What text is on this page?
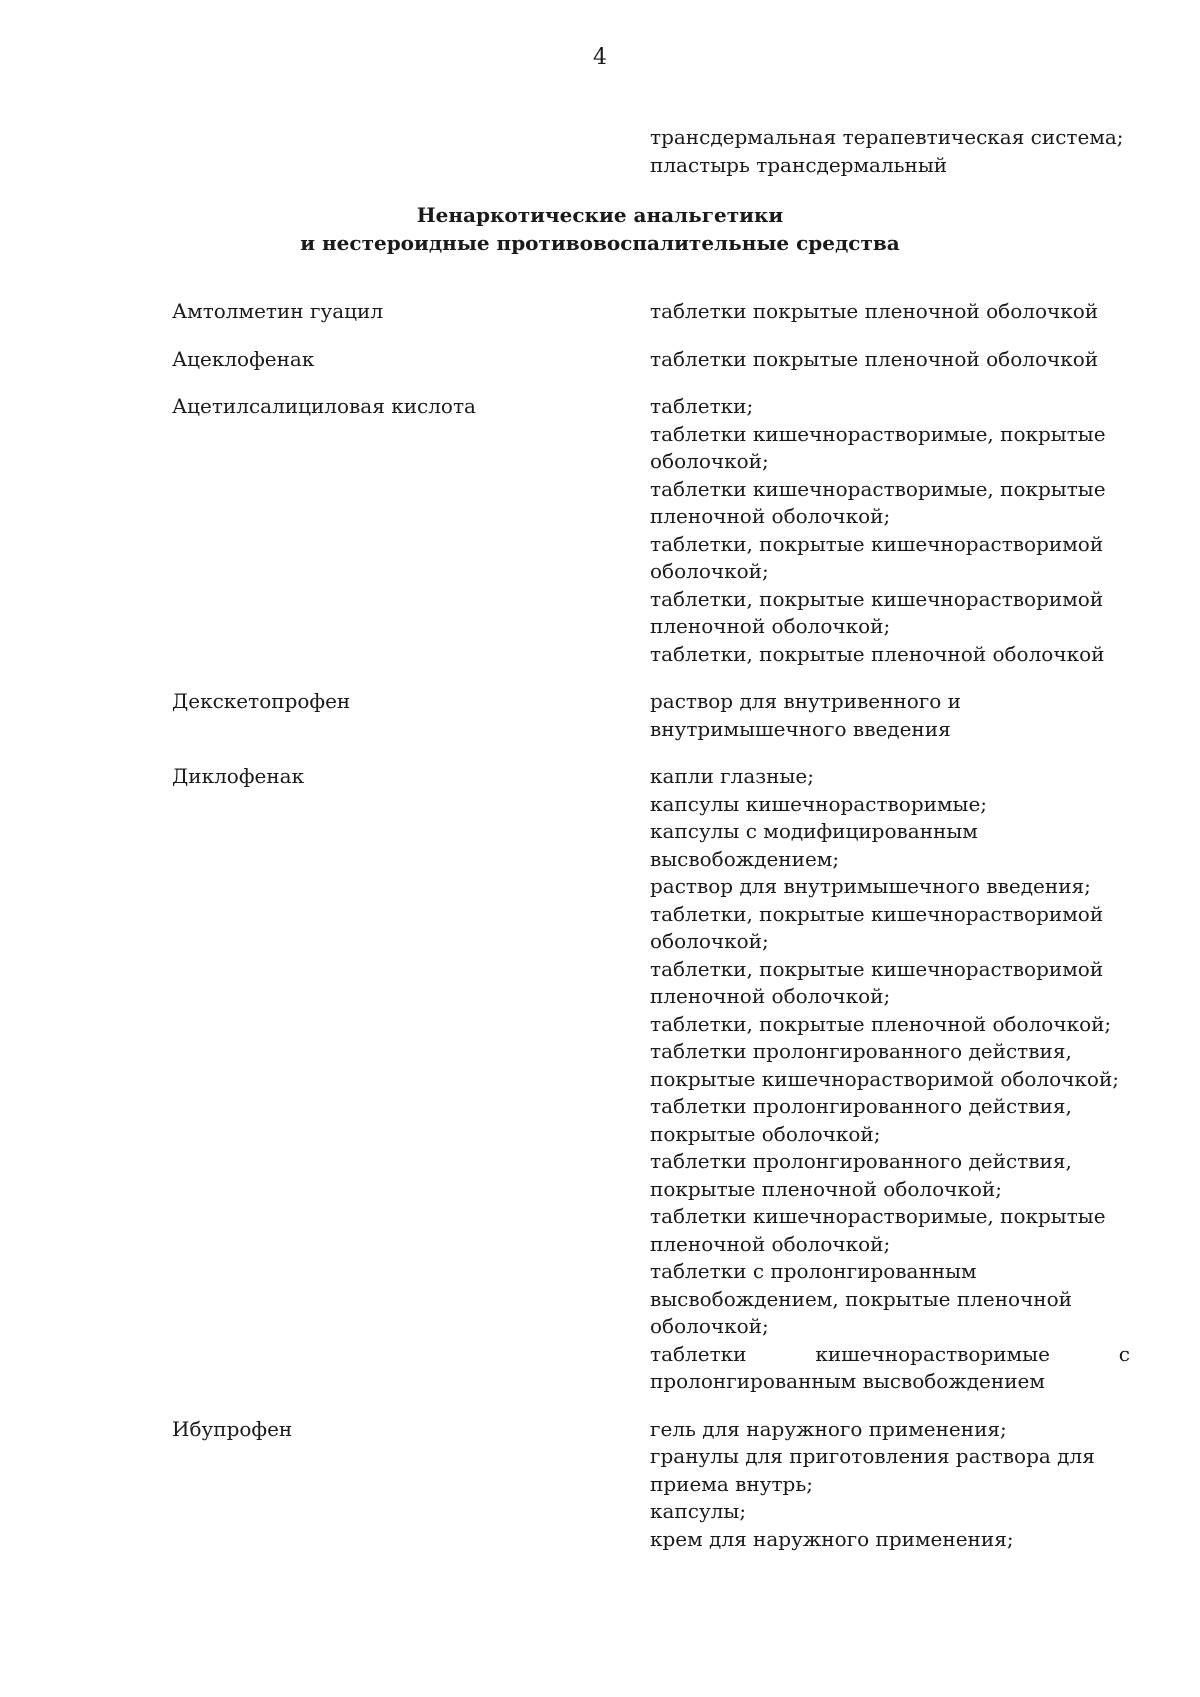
4
трансдермальная терапевтическая система;
пластырь трансдермальный
Ненаркотические анальгетики
и нестероидные противовоспалительные средства
Амтолметин гуацил	таблетки покрытые пленочной оболочкой
Ацеклофенак	таблетки покрытые пленочной оболочкой
Ацетилсалициловая кислота	таблетки;
таблетки кишечнорастворимые, покрытые
оболочкой;
таблетки кишечнорастворимые, покрытые
пленочной оболочкой;
таблетки, покрытые кишечнорастворимой
оболочкой;
таблетки, покрытые кишечнорастворимой
пленочной оболочкой;
таблетки, покрытые пленочной оболочкой
Декскетопрофен	раствор для внутривенного и
внутримышечного введения
Диклофенак	капли глазные;
капсулы кишечнорастворимые;
капсулы с модифицированным
высвобождением;
раствор для внутримышечного введения;
таблетки, покрытые кишечнорастворимой
оболочкой;
таблетки, покрытые кишечнорастворимой
пленочной оболочкой;
таблетки, покрытые пленочной оболочкой;
таблетки пролонгированного действия,
покрытые кишечнорастворимой оболочкой;
таблетки пролонгированного действия,
покрытые оболочкой;
таблетки пролонгированного действия,
покрытые пленочной оболочкой;
таблетки кишечнорастворимые, покрытые
пленочной оболочкой;
таблетки с пролонгированным
высвобождением, покрытые пленочной
оболочкой;
таблетки	кишечнорастворимые	с
пролонгированным высвобождением
Ибупрофен	гель для наружного применения;
гранулы для приготовления раствора для
приема внутрь;
капсулы;
крем для наружного применения;
